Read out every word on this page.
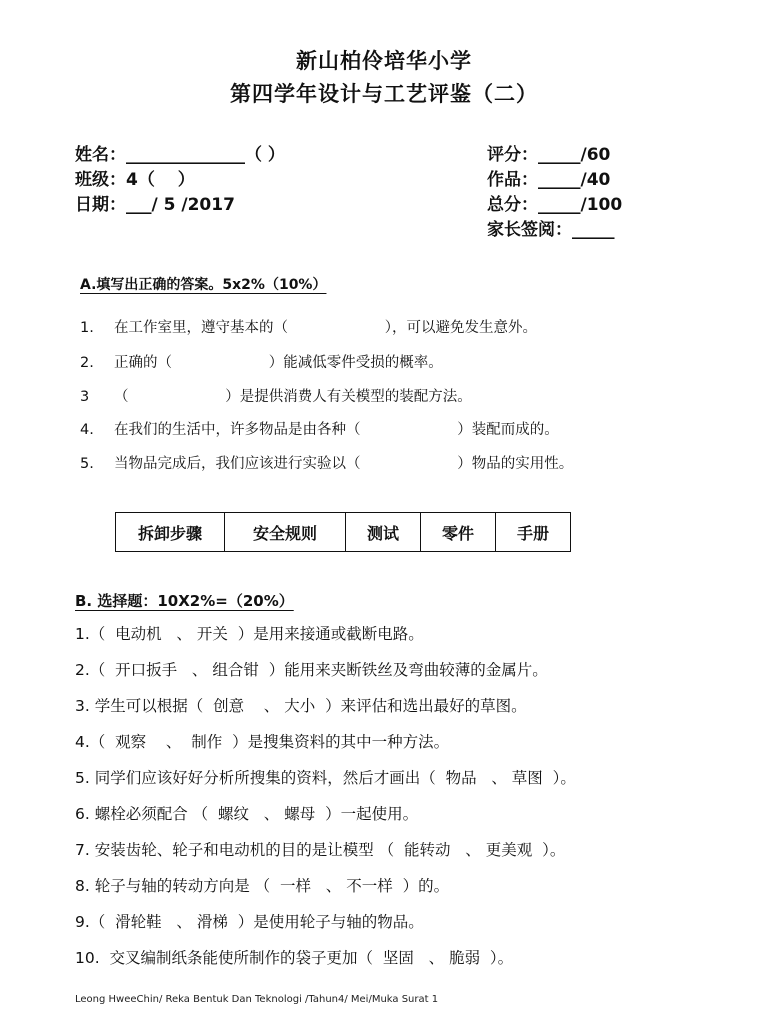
新山柏伶培华小学
第四学年设计与工艺评鉴（二）
姓名：______________（ ）
班级：4（　 ）
日期：___/ 5 /2017
评分：_____/60
作品：_____/40
总分：_____/100
家长签阅：_____
A.填写出正确的答案。5x2%（10%）
1. 在工作室里，遵守基本的（                     ），可以避免发生意外。
2. 正确的（                     ）能减低零件受损的概率。
3 （                     ）是提供消费人有关模型的装配方法。
4. 在我们的生活中，许多物品是由各种（                     ）装配而成的。
5. 当物品完成后，我们应该进行实验以（                     ）物品的实用性。
拆卸步骤	安全规则	测试	零件	手册
B. 选择题：10X2%=（20%）
1.（  电动机   、 开关  ）是用来接通或截断电路。
2.（  开口扳手   、 组合钳  ）能用来夹断铁丝及弯曲较薄的金属片。
3. 学生可以根据（  创意    、 大小  ）来评估和选出最好的草图。
4.（  观察    、  制作  ）是搜集资料的其中一种方法。
5. 同学们应该好好分析所搜集的资料，然后才画出（  物品   、 草图  ）。
6. 螺栓必须配合 （  螺纹   、 螺母  ）一起使用。
7. 安装齿轮、轮子和电动机的目的是让模型 （  能转动   、 更美观  ）。
8. 轮子与轴的转动方向是 （  一样   、 不一样  ）的。
9.（  滑轮鞋   、 滑梯  ）是使用轮子与轴的物品。
10. 交叉编制纸条能使所制作的袋子更加（  坚固   、 脆弱  ）。
Leong HweeChin/ Reka Bentuk Dan Teknologi /Tahun4/ Mei/Muka Surat 1
